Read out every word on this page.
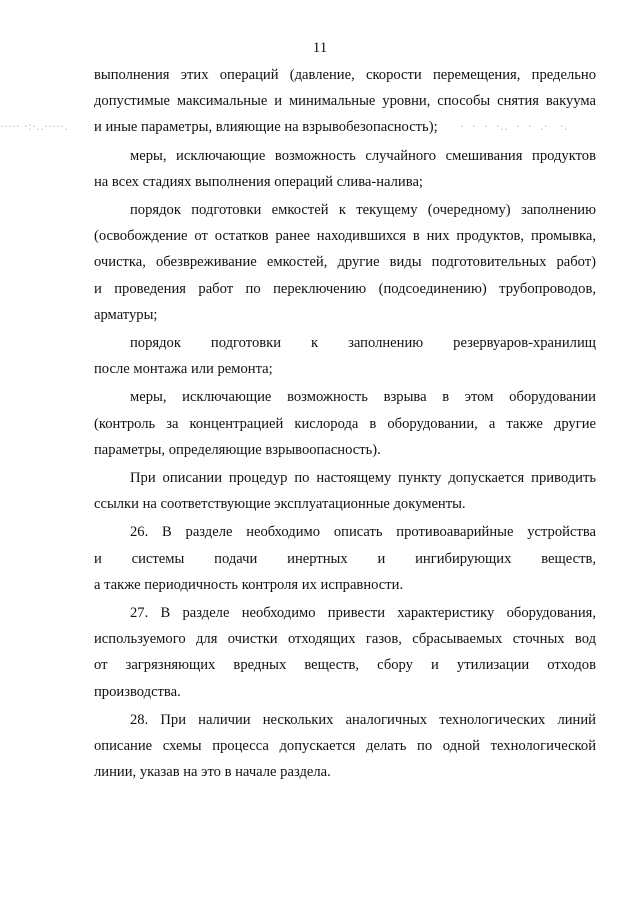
11
····· ·:·..·····.	·  ·  ·  ·..  ·  ·  .·   ·.
выполнения этих операций (давление, скорости перемещения, предельно
допустимые максимальные и минимальные уровни, способы снятия вакуума
и иные параметры, влияющие на взрывобезопасность);
меры, исключающие возможность случайного смешивания продуктов
на всех стадиях выполнения операций слива-налива;
порядок подготовки емкостей к текущему (очередному) заполнению
(освобождение от остатков ранее находившихся в них продуктов, промывка,
очистка, обезвреживание емкостей, другие виды подготовительных работ)
и проведения работ по переключению (подсоединению) трубопроводов,
арматуры;
порядок подготовки к заполнению резервуаров-хранилищ
после монтажа или ремонта;
меры, исключающие возможность взрыва в этом оборудовании
(контроль за концентрацией кислорода в оборудовании, а также другие
параметры, определяющие взрывоопасность).
При описании процедур по настоящему пункту допускается приводить
ссылки на соответствующие эксплуатационные документы.
26. В разделе необходимо описать противоаварийные устройства
и системы подачи инертных и ингибирующих веществ,
а также периодичность контроля их исправности.
27. В разделе необходимо привести характеристику оборудования,
используемого для очистки отходящих газов, сбрасываемых сточных вод
от загрязняющих вредных веществ, сбору и утилизации отходов
производства.
28. При наличии нескольких аналогичных технологических линий
описание схемы процесса допускается делать по одной технологической
линии, указав на это в начале раздела.
